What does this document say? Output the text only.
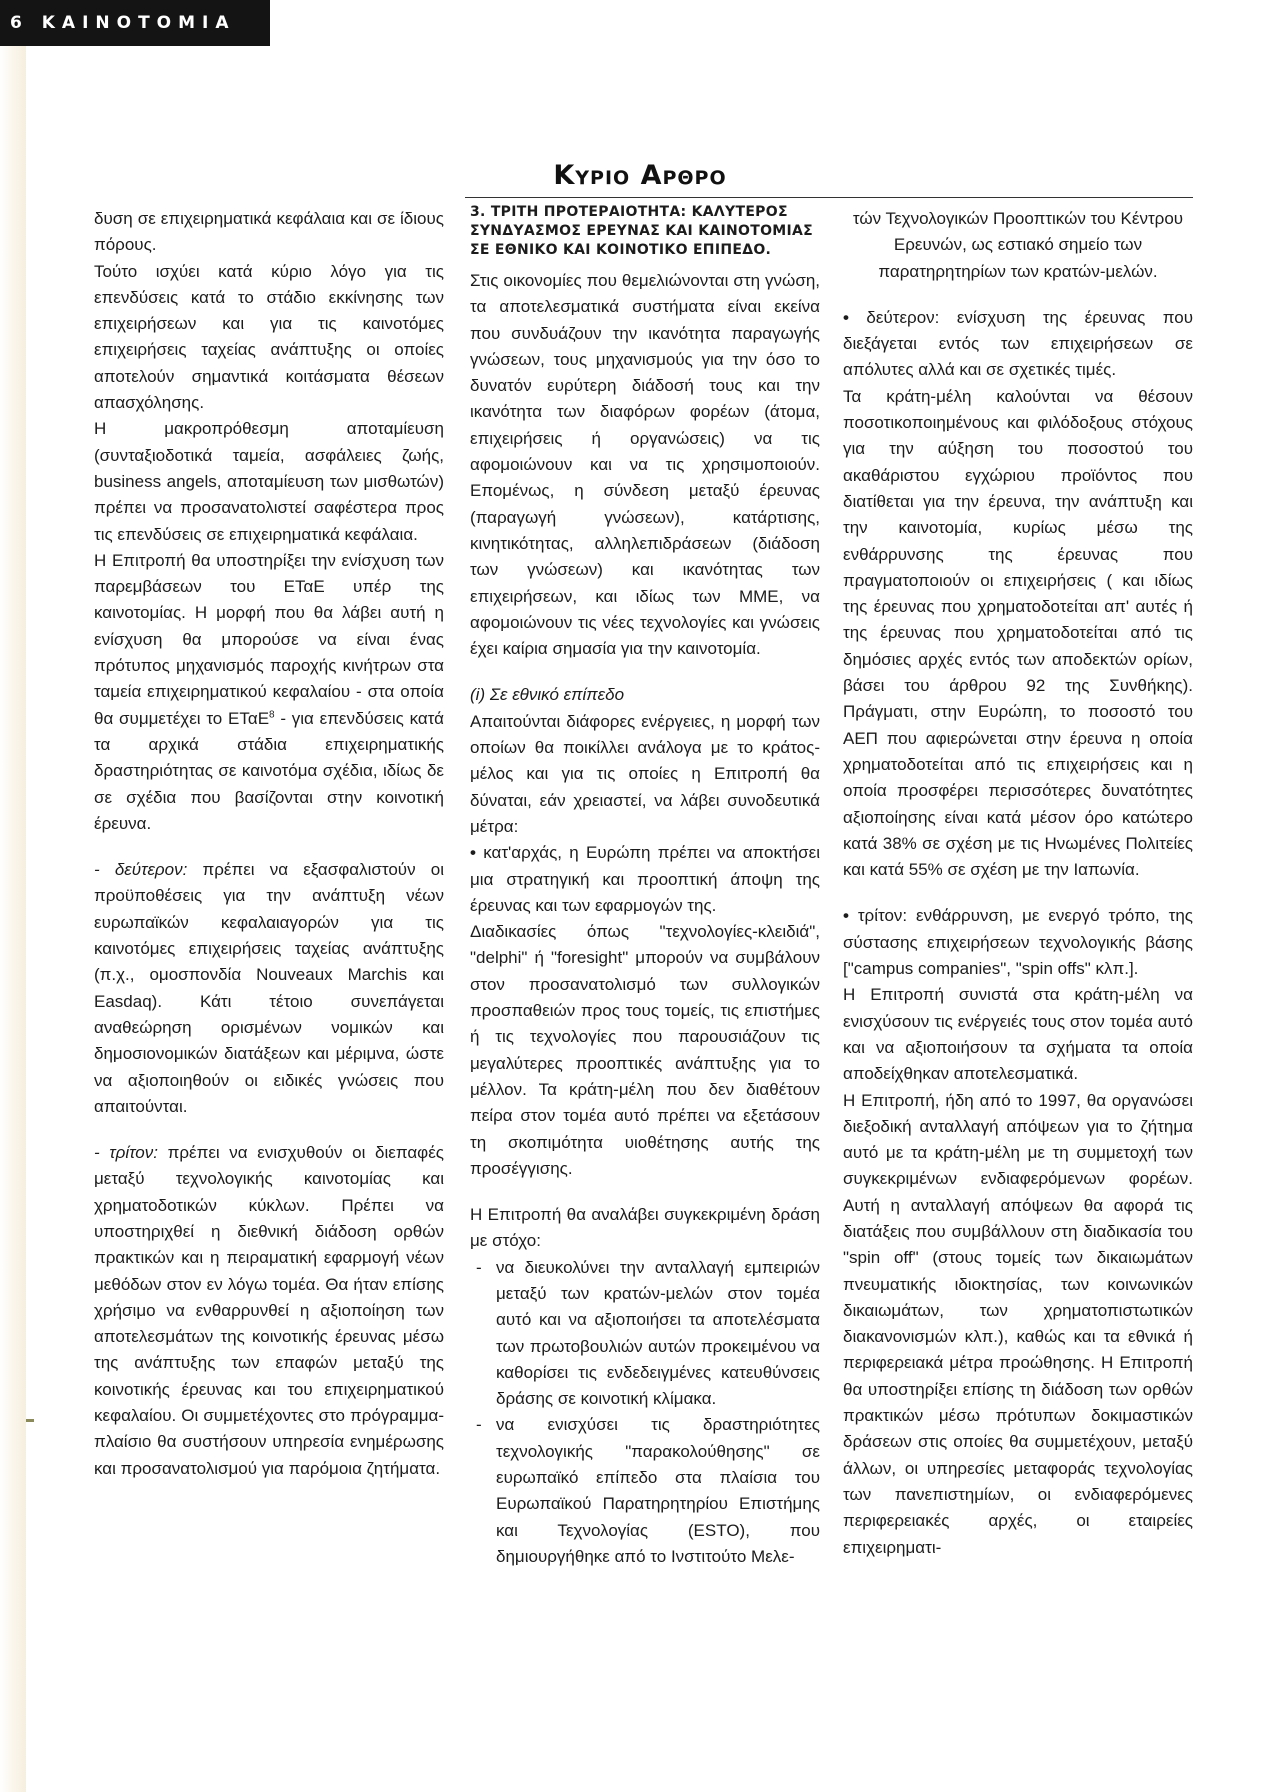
6 ΚΑΙΝΟΤΟΜΙΑ
Κυριο Αρθρο

δυση σε επιχειρηματικά κεφάλαια και σε ίδιους πόρους.

Τούτο ισχύει κατά κύριο λόγο για τις επενδύσεις κατά το στάδιο εκκίνησης των επιχειρήσεων και για τις καινοτόμες επιχειρήσεις ταχείας ανάπτυξης οι οποίες αποτελούν σημαντικά κοιτάσματα θέσεων απασχόλησης.

Η μακροπρόθεσμη αποταμίευση (συνταξιοδοτικά ταμεία, ασφάλειες ζωής, business angels, αποταμίευση των μισθωτών) πρέπει να προσανατολιστεί σαφέστερα προς τις επενδύσεις σε επιχειρηματικά κεφάλαια.

Η Επιτροπή θα υποστηρίξει την ενίσχυση των παρεμβάσεων του ΕΤαΕ υπέρ της καινοτομίας. Η μορφή που θα λάβει αυτή η ενίσχυση θα μπορούσε να είναι ένας πρότυπος μηχανισμός παροχής κινήτρων στα ταμεία επιχειρηματικού κεφαλαίου - στα οποία θα συμμετέχει το ΕΤαΕ$^8$ - για επενδύσεις κατά τα αρχικά στάδια επιχειρηματικής δραστηριότητας σε καινοτόμα σχέδια, ιδίως δε σε σχέδια που βασίζονται στην κοινοτική έρευνα.

- δεύτερον: πρέπει να εξασφαλιστούν οι προϋποθέσεις για την ανάπτυξη νέων ευρωπαϊκών κεφαλαιαγορών για τις καινοτόμες επιχειρήσεις ταχείας ανάπτυξης (π.χ., ομοσπονδία Nouveaux Marchis και Easdaq). Κάτι τέτοιο συνεπάγεται αναθεώρηση ορισμένων νομικών και δημοσιονομικών διατάξεων και μέριμνα, ώστε να αξιοποιηθούν οι ειδικές γνώσεις που απαιτούνται.

- τρίτον: πρέπει να ενισχυθούν οι διεπαφές μεταξύ τεχνολογικής καινοτομίας και χρηματοδοτικών κύκλων. Πρέπει να υποστηριχθεί η διεθνική διάδοση ορθών πρακτικών και η πειραματική εφαρμογή νέων μεθόδων στον εν λόγω τομέα. Θα ήταν επίσης χρήσιμο να ενθαρρυνθεί η αξιοποίηση των αποτελεσμάτων της κοινοτικής έρευνας μέσω της ανάπτυξης των επαφών μεταξύ της κοινοτικής έρευνας και του επιχειρηματικού κεφαλαίου. Οι συμμετέχοντες στο πρόγραμμα-πλαίσιο θα συστήσουν υπηρεσία ενημέρωσης και προσανατολισμού για παρόμοια ζητήματα.

3. ΤΡΙΤΗ ΠΡΟΤΕΡΑΙΟΤΗΤΑ: ΚΑΛΥΤΕΡΟΣ ΣΥΝΔΥΑΣΜΟΣ ΕΡΕΥΝΑΣ ΚΑΙ ΚΑΙΝΟΤΟΜΙΑΣ ΣΕ ΕΘΝΙΚΟ ΚΑΙ ΚΟΙΝΟΤΙΚΟ ΕΠΙΠΕΔΟ.

Στις οικονομίες που θεμελιώνονται στη γνώση, τα αποτελεσματικά συστήματα είναι εκείνα που συνδυάζουν την ικανότητα παραγωγής γνώσεων, τους μηχανισμούς για την όσο το δυνατόν ευρύτερη διάδοσή τους και την ικανότητα των διαφόρων φορέων (άτομα, επιχειρήσεις ή οργανώσεις) να τις αφομοιώνουν και να τις χρησιμοποιούν. Επομένως, η σύνδεση μεταξύ έρευνας (παραγωγή γνώσεων), κατάρτισης, κινητικότητας, αλληλεπιδράσεων (διάδοση των γνώσεων) και ικανότητας των επιχειρήσεων, και ιδίως των ΜΜΕ, να αφομοιώνουν τις νέες τεχνολογίες και γνώσεις έχει καίρια σημασία για την καινοτομία.

(i) Σε εθνικό επίπεδο

Απαιτούνται διάφορες ενέργειες, η μορφή των οποίων θα ποικίλλει ανάλογα με το κράτος-μέλος και για τις οποίες η Επιτροπή θα δύναται, εάν χρειαστεί, να λάβει συνοδευτικά μέτρα:

• κατ'αρχάς, η Ευρώπη πρέπει να αποκτήσει μια στρατηγική και προοπτική άποψη της έρευνας και των εφαρμογών της.

Διαδικασίες όπως "τεχνολογίες-κλειδιά", "delphi" ή "foresight" μπορούν να συμβάλουν στον προσανατολισμό των συλλογικών προσπαθειών προς τους τομείς, τις επιστήμες ή τις τεχνολογίες που παρουσιάζουν τις μεγαλύτερες προοπτικές ανάπτυξης για το μέλλον. Τα κράτη-μέλη που δεν διαθέτουν πείρα στον τομέα αυτό πρέπει να εξετάσουν τη σκοπιμότητα υιοθέτησης αυτής της προσέγγισης.

Η Επιτροπή θα αναλάβει συγκεκριμένη δράση με στόχο:

- να διευκολύνει την ανταλλαγή εμπειριών μεταξύ των κρατών-μελών στον τομέα αυτό και να αξιοποιήσει τα αποτελέσματα των πρωτοβουλιών αυτών προκειμένου να καθορίσει τις ενδεδειγμένες κατευθύνσεις δράσης σε κοινοτική κλίμακα.
- να ενισχύσει τις δραστηριότητες τεχνολογικής "παρακολούθησης" σε ευρωπαϊκό επίπεδο στα πλαίσια του Ευρωπαϊκού Παρατηρητηρίου Επιστήμης και Τεχνολογίας (ESTO), που δημιουργήθηκε από το Ινστιτούτο Μελε-

τών Τεχνολογικών Προοπτικών του Κέντρου Ερευνών, ως εστιακό σημείο των παρατηρητηρίων των κρατών-μελών.

• δεύτερον: ενίσχυση της έρευνας που διεξάγεται εντός των επιχειρήσεων σε απόλυτες αλλά και σε σχετικές τιμές.

Τα κράτη-μέλη καλούνται να θέσουν ποσοτικοποιημένους και φιλόδοξους στόχους για την αύξηση του ποσοστού του ακαθάριστου εγχώριου προϊόντος που διατίθεται για την έρευνα, την ανάπτυξη και την καινοτομία, κυρίως μέσω της ενθάρρυνσης της έρευνας που πραγματοποιούν οι επιχειρήσεις ( και ιδίως της έρευνας που χρηματοδοτείται απ' αυτές ή της έρευνας που χρηματοδοτείται από τις δημόσιες αρχές εντός των αποδεκτών ορίων, βάσει του άρθρου 92 της Συνθήκης). Πράγματι, στην Ευρώπη, το ποσοστό του ΑΕΠ που αφιερώνεται στην έρευνα η οποία χρηματοδοτείται από τις επιχειρήσεις και η οποία προσφέρει περισσότερες δυνατότητες αξιοποίησης είναι κατά μέσον όρο κατώτερο κατά 38% σε σχέση με τις Ηνωμένες Πολιτείες και κατά 55% σε σχέση με την Ιαπωνία.

• τρίτον: ενθάρρυνση, με ενεργό τρόπο, της σύστασης επιχειρήσεων τεχνολογικής βάσης ["campus companies", "spin offs" κλπ.].

Η Επιτροπή συνιστά στα κράτη-μέλη να ενισχύσουν τις ενέργειές τους στον τομέα αυτό και να αξιοποιήσουν τα σχήματα τα οποία αποδείχθηκαν αποτελεσματικά.

Η Επιτροπή, ήδη από το 1997, θα οργανώσει διεξοδική ανταλλαγή απόψεων για το ζήτημα αυτό με τα κράτη-μέλη με τη συμμετοχή των συγκεκριμένων ενδιαφερόμενων φορέων. Αυτή η ανταλλαγή απόψεων θα αφορά τις διατάξεις που συμβάλλουν στη διαδικασία του "spin off" (στους τομείς των δικαιωμάτων πνευματικής ιδιοκτησίας, των κοινωνικών δικαιωμάτων, των χρηματοπιστωτικών διακανονισμών κλπ.), καθώς και τα εθνικά ή περιφερειακά μέτρα προώθησης. Η Επιτροπή θα υποστηρίξει επίσης τη διάδοση των ορθών πρακτικών μέσω πρότυπων δοκιμαστικών δράσεων στις οποίες θα συμμετέχουν, μεταξύ άλλων, οι υπηρεσίες μεταφοράς τεχνολογίας των πανεπιστημίων, οι ενδιαφερόμενες περιφερειακές αρχές, οι εταιρείες επιχειρηματι-
